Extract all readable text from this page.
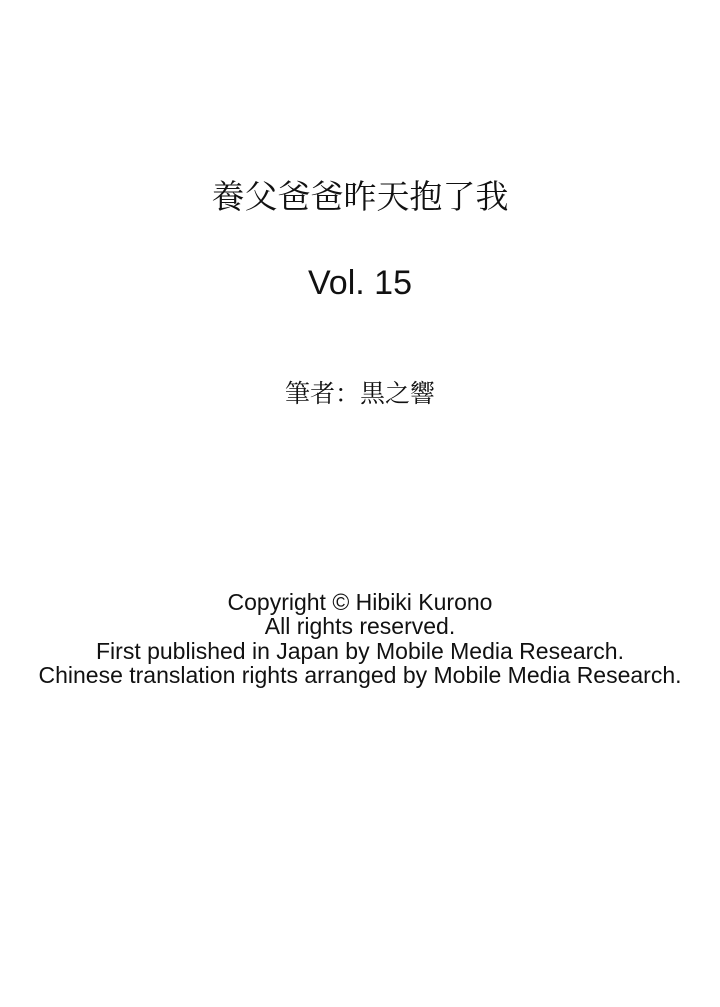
養父爸爸昨天抱了我
Vol. 15
筆者：黒之響
Copyright © Hibiki Kurono
All rights reserved.
First published in Japan by Mobile Media Research.
Chinese translation rights arranged by Mobile Media Research.
